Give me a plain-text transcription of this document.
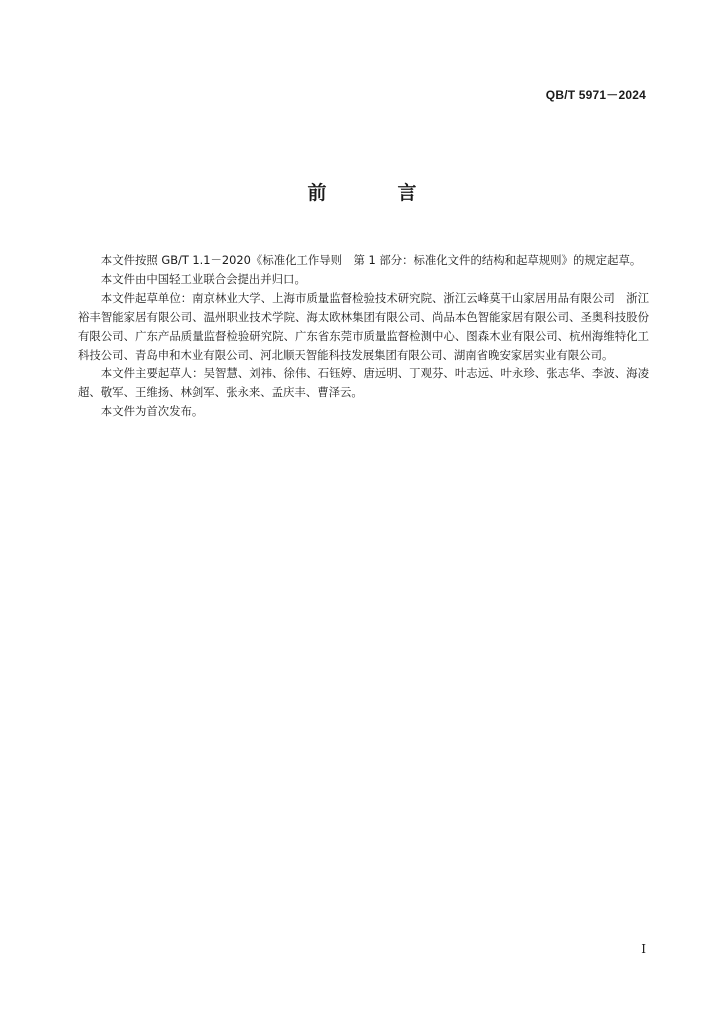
QB/T 5971－2024
前　言

本文件按照 GB/T 1.1－2020《标准化工作导则　第 1 部分：标准化文件的结构和起草规则》的规定起草。

本文件由中国轻工业联合会提出并归口。

本文件起草单位：南京林业大学、上海市质量监督检验技术研究院、浙江云峰莫干山家居用品有限公司　浙江裕丰智能家居有限公司、温州职业技术学院、海太欧林集团有限公司、尚品本色智能家居有限公司、圣奥科技股份有限公司、广东产品质量监督检验研究院、广东省东莞市质量监督检测中心、图森木业有限公司、杭州海维特化工科技公司、青岛申和木业有限公司、河北顺天智能科技发展集团有限公司、湖南省晚安家居实业有限公司。

本文件主要起草人：吴智慧、刘祎、徐伟、石钰婷、唐远明、丁观芬、叶志远、叶永珍、张志华、李波、海凌超、敬军、王维扬、林剑军、张永来、孟庆丰、曹泽云。

本文件为首次发布。

I
